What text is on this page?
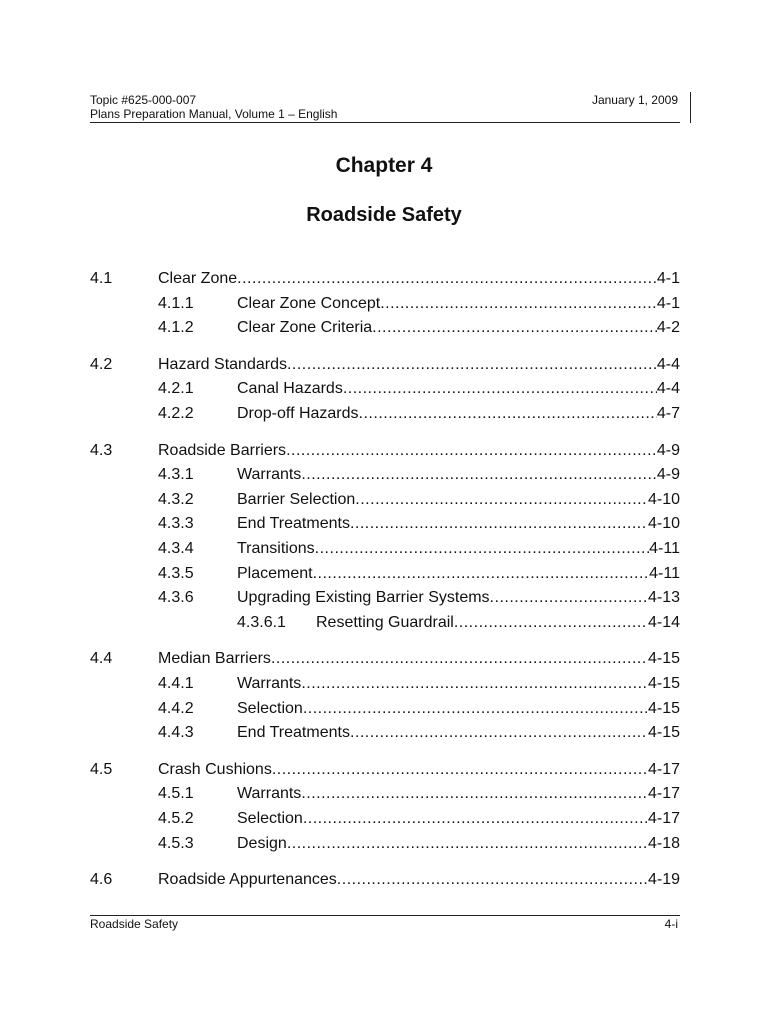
Topic #625-000-007
Plans Preparation Manual, Volume 1 – English
January 1, 2009
Chapter 4
Roadside Safety
4.1	Clear Zone .....	4-1
4.1.1	Clear Zone Concept .....	4-1
4.1.2	Clear Zone Criteria .....	4-2
4.2	Hazard Standards .....	4-4
4.2.1	Canal Hazards .....	4-4
4.2.2	Drop-off Hazards .....	4-7
4.3	Roadside Barriers .....	4-9
4.3.1	Warrants .....	4-9
4.3.2	Barrier Selection .....	4-10
4.3.3	End Treatments .....	4-10
4.3.4	Transitions .....	4-11
4.3.5	Placement .....	4-11
4.3.6	Upgrading Existing Barrier Systems .....	4-13
4.3.6.1 Resetting Guardrail .....	4-14
4.4	Median Barriers .....	4-15
4.4.1	Warrants .....	4-15
4.4.2	Selection .....	4-15
4.4.3	End Treatments .....	4-15
4.5	Crash Cushions .....	4-17
4.5.1	Warrants .....	4-17
4.5.2	Selection .....	4-17
4.5.3	Design .....	4-18
4.6	Roadside Appurtenances .....	4-19
Roadside Safety	4-i
